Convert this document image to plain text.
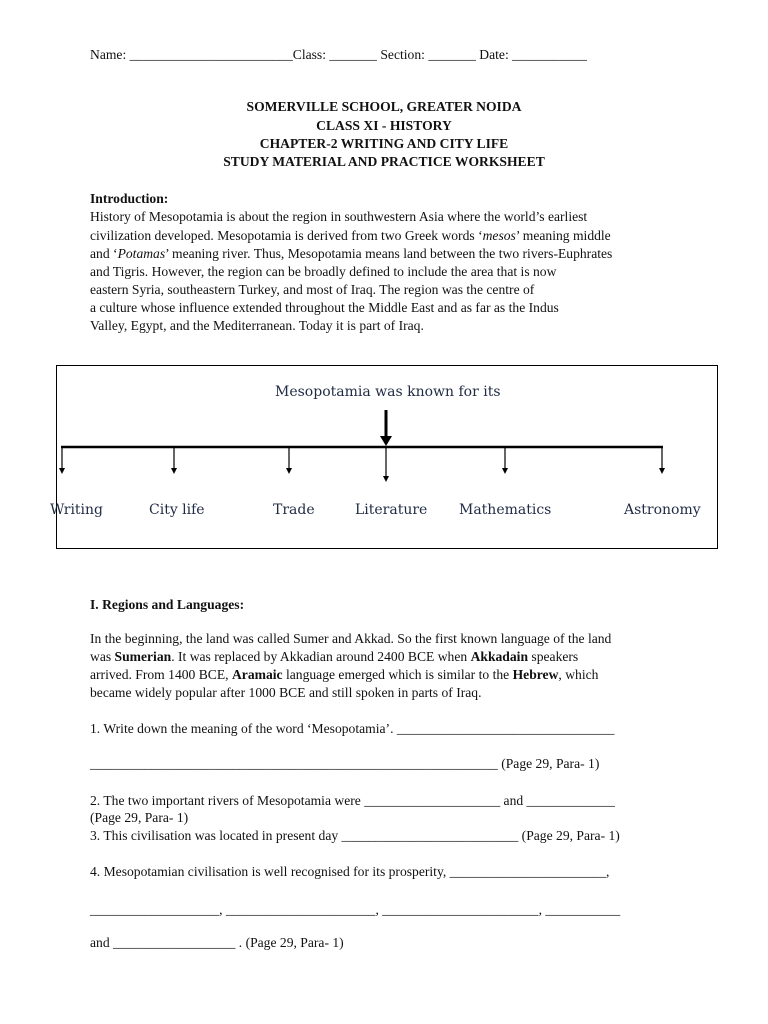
Name: ________________________Class: _______ Section: _______ Date: ___________
SOMERVILLE SCHOOL, GREATER NOIDA
CLASS XI - HISTORY
CHAPTER-2 WRITING AND CITY LIFE
STUDY MATERIAL AND PRACTICE WORKSHEET
Introduction:
History of Mesopotamia is about the region in southwestern Asia where the world’s earliest
civilization developed. Mesopotamia is derived from two Greek words ‘mesos’ meaning middle
and ‘Potamas’ meaning river. Thus, Mesopotamia means land between the two rivers-Euphrates
and Tigris. However, the region can be broadly defined to include the area that is now
eastern Syria, southeastern Turkey, and most of Iraq. The region was the centre of
a culture whose influence extended throughout the Middle East and as far as the Indus
Valley, Egypt, and the Mediterranean. Today it is part of Iraq.
Mesopotamia was known for its
Writing	City life	Trade	Literature Mathematics	Astronomy
I. Regions and Languages:
In the beginning, the land was called Sumer and Akkad. So the first known language of the land
was Sumerian. It was replaced by Akkadian around 2400 BCE when Akkadain speakers
arrived. From 1400 BCE, Aramaic language emerged which is similar to the Hebrew, which
became widely popular after 1000 BCE and still spoken in parts of Iraq.
1. Write down the meaning of the word ‘Mesopotamia’. ________________________________
____________________________________________________________ (Page 29, Para- 1)
2. The two important rivers of Mesopotamia were ____________________ and _____________
(Page 29, Para- 1)
3. This civilisation was located in present day __________________________ (Page 29, Para- 1)
4. Mesopotamian civilisation is well recognised for its prosperity, _______________________,
___________________, ______________________, _______________________, ___________
and __________________ . (Page 29, Para- 1)
